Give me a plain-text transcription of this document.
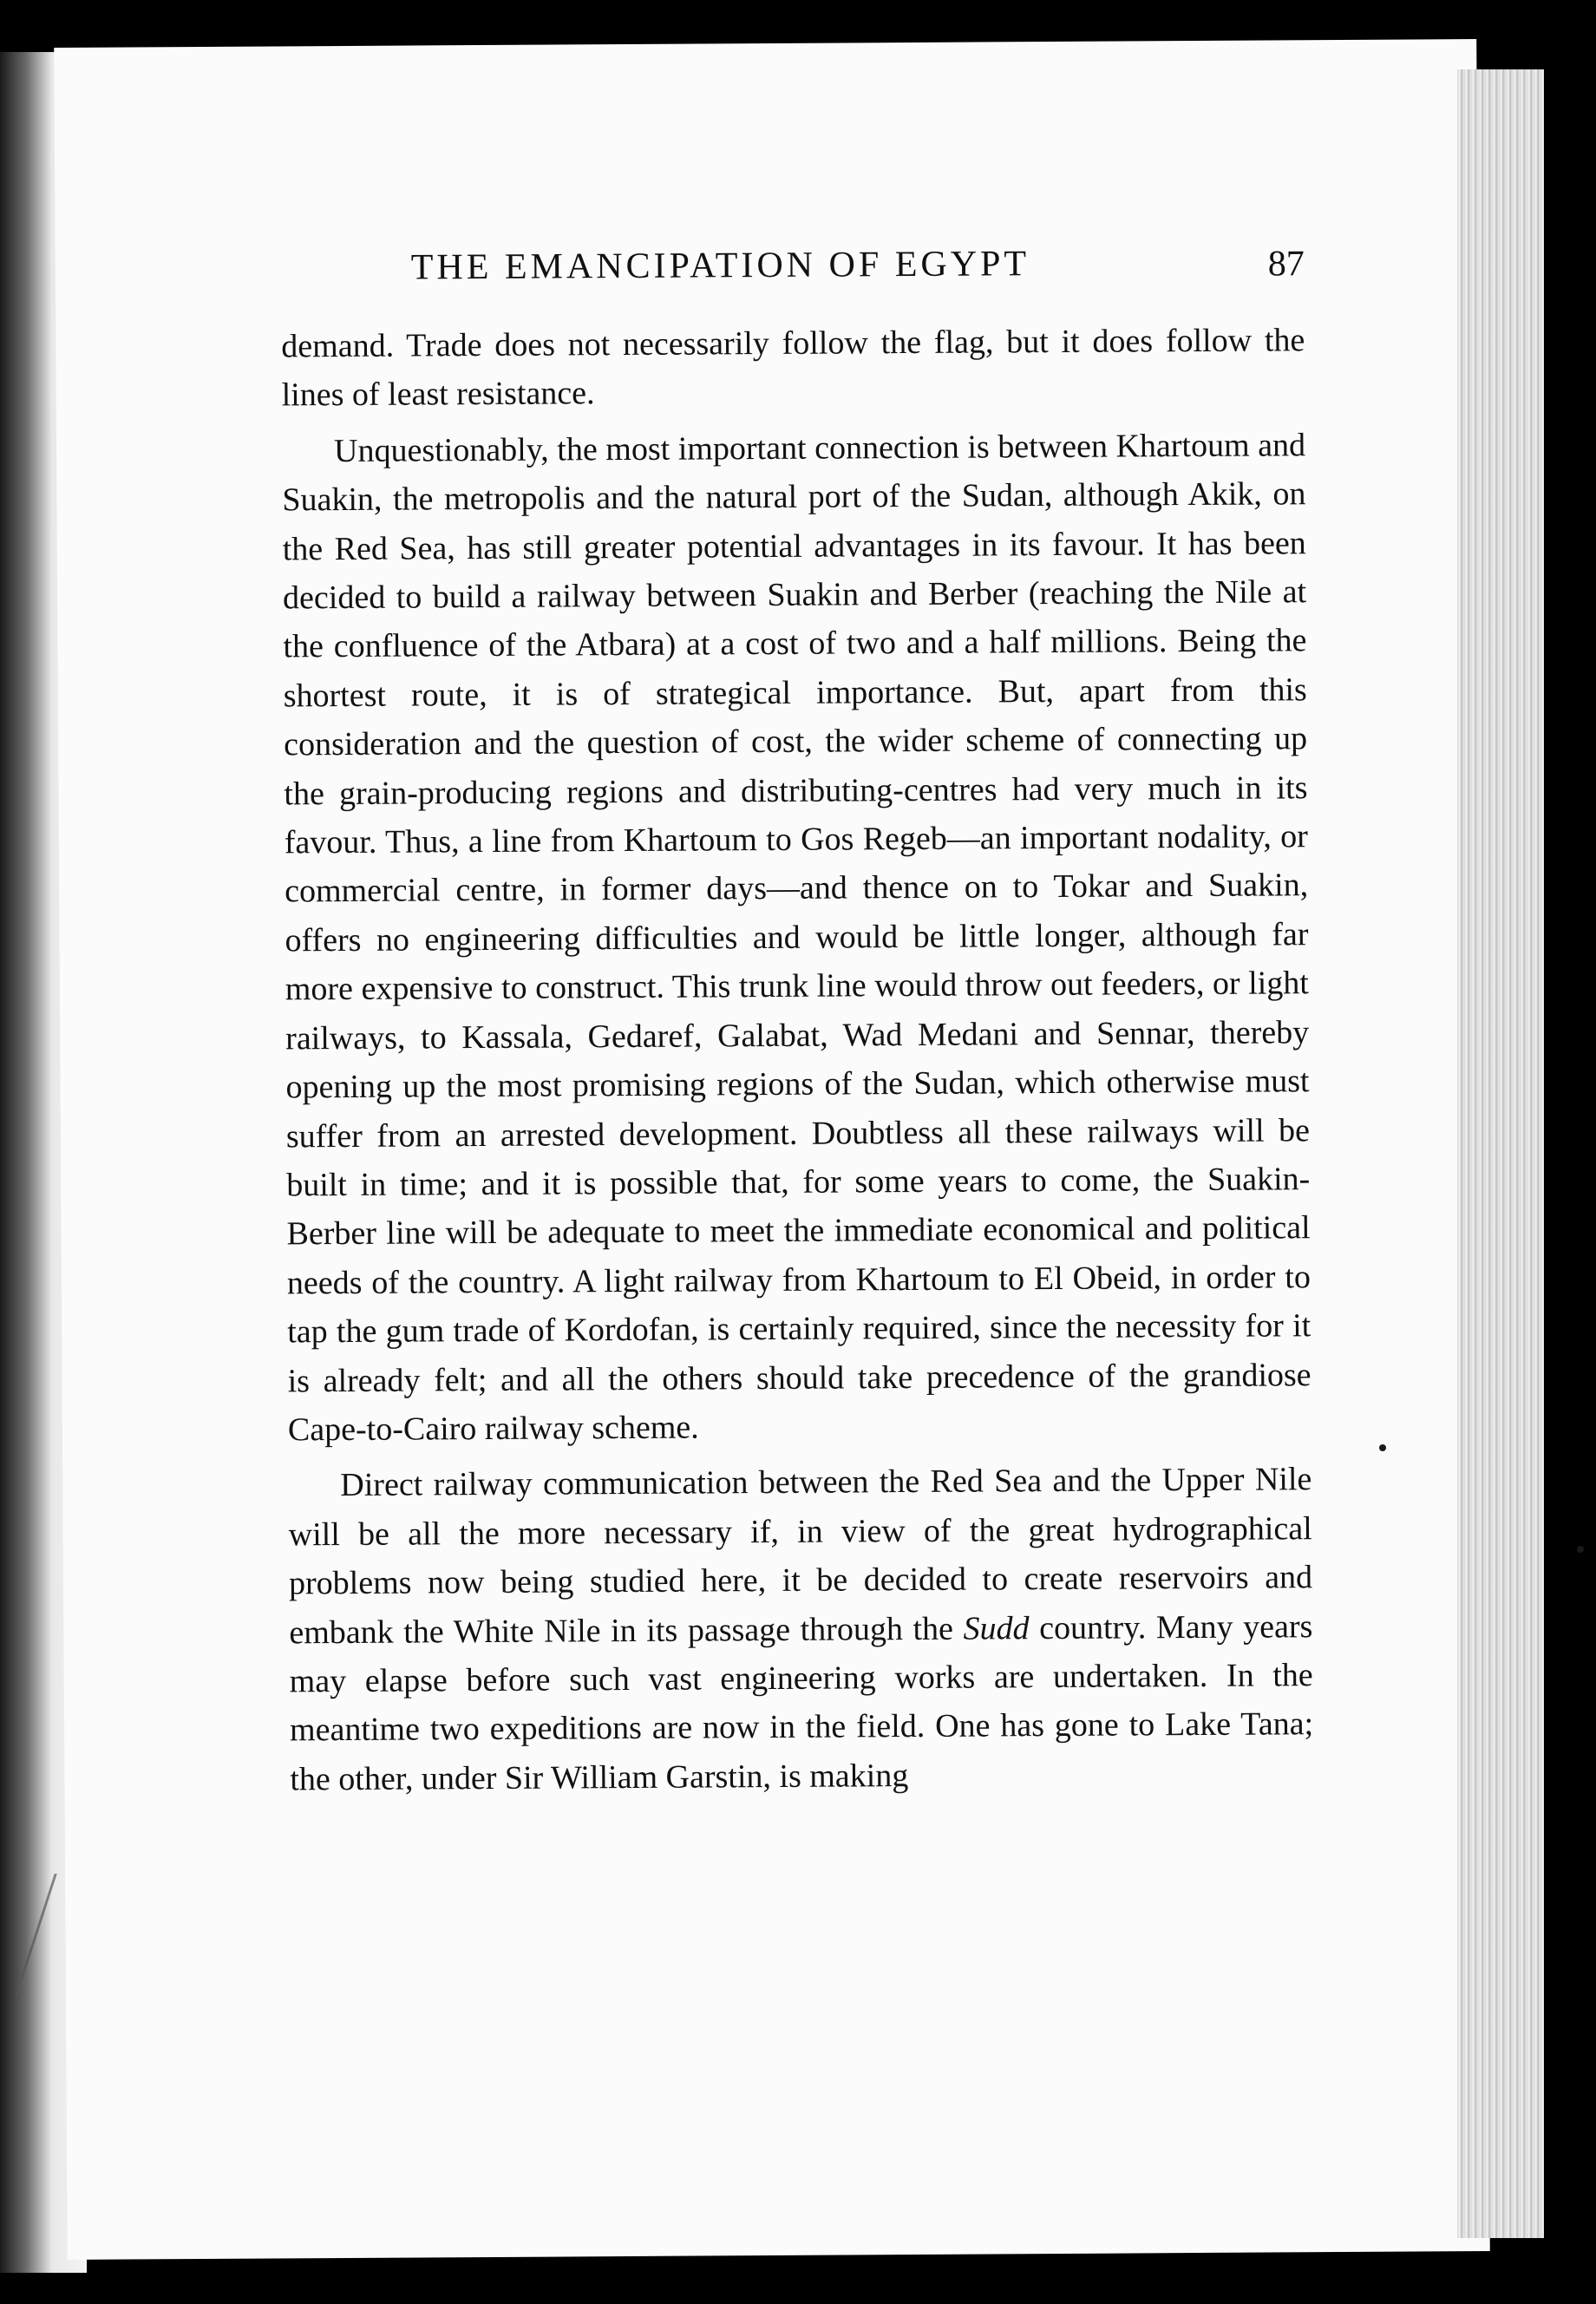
THE EMANCIPATION OF EGYPT	87

demand. Trade does not necessarily follow the flag, but it does follow the lines of least resistance.

Unquestionably, the most important connection is between Khartoum and Suakin, the metropolis and the natural port of the Sudan, although Akik, on the Red Sea, has still greater potential advantages in its favour. It has been decided to build a railway between Suakin and Berber (reaching the Nile at the confluence of the Atbara) at a cost of two and a half millions. Being the shortest route, it is of strategical importance. But, apart from this consideration and the question of cost, the wider scheme of connecting up the grain-producing regions and distributing-centres had very much in its favour. Thus, a line from Khartoum to Gos Regeb—an important nodality, or commercial centre, in former days—and thence on to Tokar and Suakin, offers no engineering difficulties and would be little longer, although far more expensive to construct. This trunk line would throw out feeders, or light railways, to Kassala, Gedaref, Galabat, Wad Medani and Sennar, thereby opening up the most promising regions of the Sudan, which otherwise must suffer from an arrested development. Doubtless all these railways will be built in time; and it is possible that, for some years to come, the Suakin-Berber line will be adequate to meet the immediate economical and political needs of the country. A light railway from Khartoum to El Obeid, in order to tap the gum trade of Kordofan, is certainly required, since the necessity for it is already felt; and all the others should take precedence of the grandiose Cape-to-Cairo railway scheme.

Direct railway communication between the Red Sea and the Upper Nile will be all the more necessary if, in view of the great hydrographical problems now being studied here, it be decided to create reservoirs and embank the White Nile in its passage through the Sudd country. Many years may elapse before such vast engineering works are undertaken. In the meantime two expeditions are now in the field. One has gone to Lake Tana; the other, under Sir William Garstin, is making
